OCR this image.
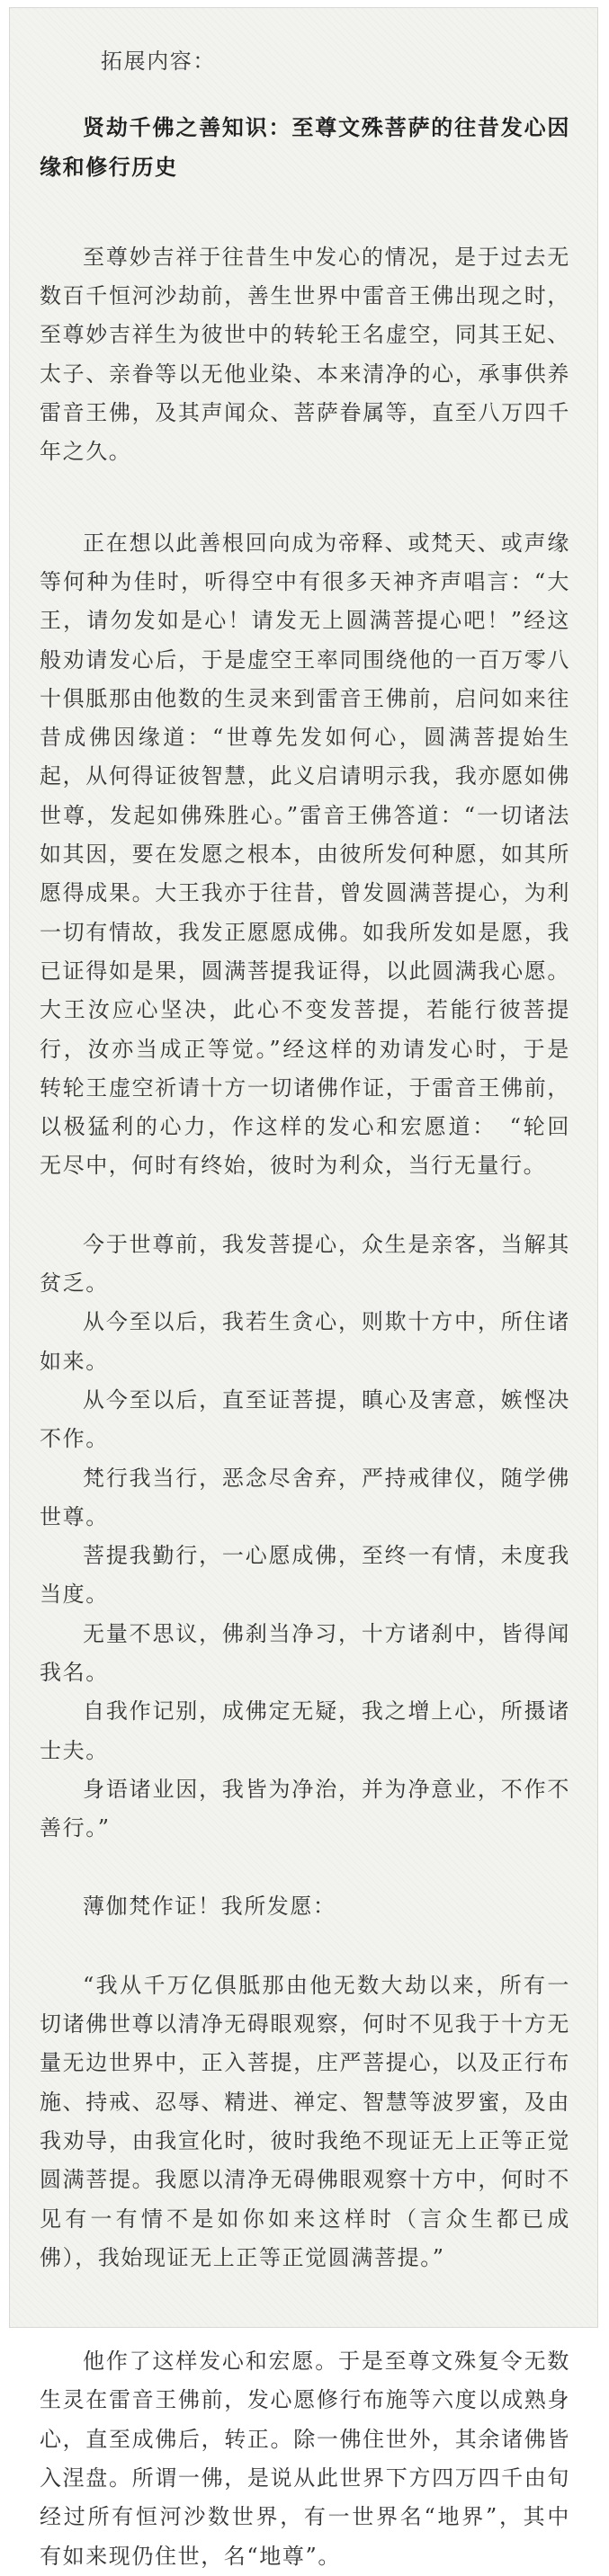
拓展内容：

贤劫千佛之善知识：至尊文殊菩萨的往昔发心因缘和修行历史

至尊妙吉祥于往昔生中发心的情况，是于过去无数百千恒河沙劫前，善生世界中雷音王佛出现之时，至尊妙吉祥生为彼世中的转轮王名虚空，同其王妃、太子、亲眷等以无他业染、本来清净的心，承事供养雷音王佛，及其声闻众、菩萨眷属等，直至八万四千年之久。

正在想以此善根回向成为帝释、或梵天、或声缘等何种为佳时，听得空中有很多天神齐声唱言：“大王，请勿发如是心！请发无上圆满菩提心吧！”经这般劝请发心后，于是虚空王率同围绕他的一百万零八十俱胝那由他数的生灵来到雷音王佛前，启问如来往昔成佛因缘道：“世尊先发如何心，圆满菩提始生起，从何得证彼智慧，此义启请明示我，我亦愿如佛世尊，发起如佛殊胜心。”雷音王佛答道：“一切诸法如其因，要在发愿之根本，由彼所发何种愿，如其所愿得成果。大王我亦于往昔，曾发圆满菩提心，为利一切有情故，我发正愿愿成佛。如我所发如是愿，我已证得如是果，圆满菩提我证得，以此圆满我心愿。大王汝应心坚决，此心不变发菩提，若能行彼菩提行，汝亦当成正等觉。”经这样的劝请发心时，于是转轮王虚空祈请十方一切诸佛作证，于雷音王佛前，以极猛利的心力，作这样的发心和宏愿道：　“轮回无尽中，何时有终始，彼时为利众，当行无量行。

今于世尊前，我发菩提心，众生是亲客，当解其贫乏。

从今至以后，我若生贪心，则欺十方中，所住诸如来。

从今至以后，直至证菩提，瞋心及害意，嫉悭决不作。

梵行我当行，恶念尽舍弃，严持戒律仪，随学佛世尊。

菩提我勤行，一心愿成佛，至终一有情，未度我当度。

无量不思议，佛刹当净习，十方诸刹中，皆得闻我名。

自我作记别，成佛定无疑，我之增上心，所摄诸士夫。

身语诸业因，我皆为净治，并为净意业，不作不善行。”

薄伽梵作证！我所发愿：

“我从千万亿俱胝那由他无数大劫以来，所有一切诸佛世尊以清净无碍眼观察，何时不见我于十方无量无边世界中，正入菩提，庄严菩提心，以及正行布施、持戒、忍辱、精进、禅定、智慧等波罗蜜，及由我劝导，由我宣化时，彼时我绝不现证无上正等正觉圆满菩提。我愿以清净无碍佛眼观察十方中，何时不见有一有情不是如你如来这样时（言众生都已成佛），我始现证无上正等正觉圆满菩提。”

他作了这样发心和宏愿。于是至尊文殊复令无数生灵在雷音王佛前，发心愿修行布施等六度以成熟身心，直至成佛后，转正。除一佛住世外，其余诸佛皆入涅盘。所谓一佛，是说从此世界下方四万四千由旬经过所有恒河沙数世界，有一世界名“地界”，其中有如来现仍住世，名“地尊”。
